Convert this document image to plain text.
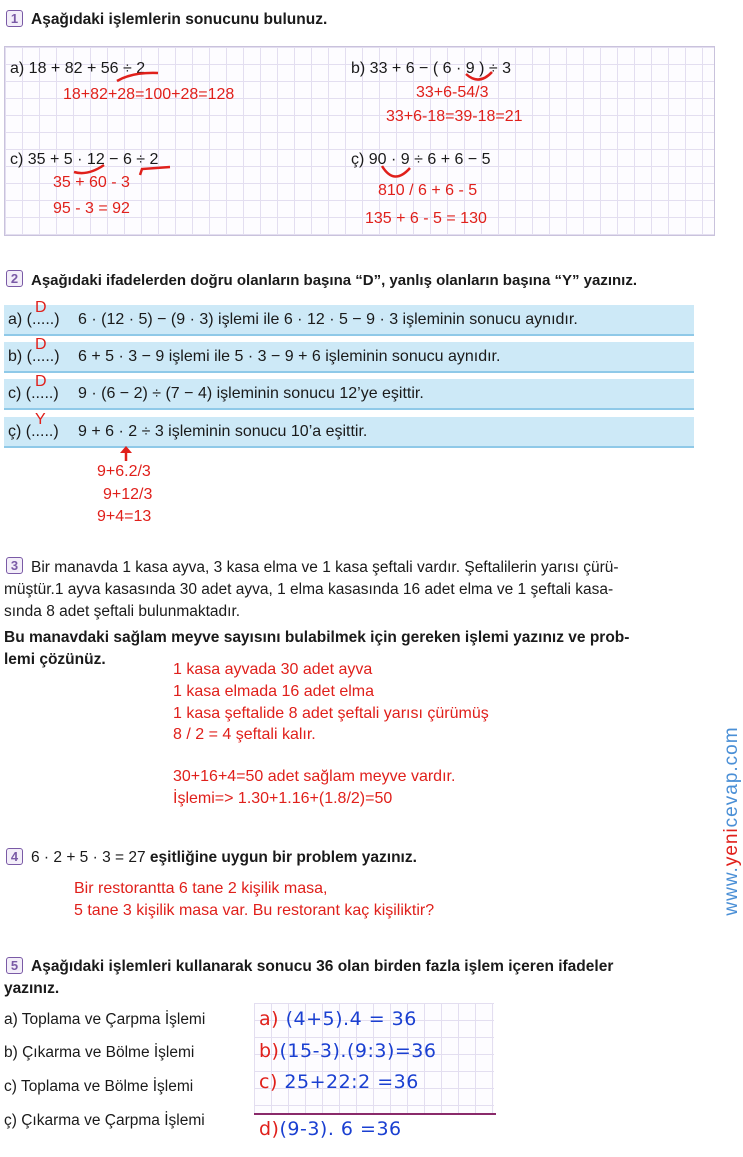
1 Aşağıdaki işlemlerin sonucunu bulunuz.
a) 18 + 82 + 56 ÷ 2
18+82+28=100+28=128
b) 33 + 6 − ( 6 · 9 ) ÷ 3
33+6-54/3
33+6-18=39-18=21
c) 35 + 5 · 12 − 6 ÷ 2
35 + 60 - 3
95 - 3 = 92
ç) 90 · 9 ÷ 6 + 6 − 5
810 / 6 + 6 - 5
135 + 6 - 5 = 130
2 Aşağıdaki ifadelerden doğru olanların başına “D”, yanlış olanların başına “Y” yazınız.
a) (.....)
D
6 · (12 · 5) − (9 · 3) işlemi ile 6 · 12 · 5 − 9 · 3 işleminin sonucu aynıdır.
b) (.....)
D
6 + 5 · 3 − 9 işlemi ile 5 · 3 − 9 + 6 işleminin sonucu aynıdır.
c) (.....)
D
9 · (6 − 2) ÷ (7 − 4) işleminin sonucu 12’ye eşittir.
ç) (.....)
Y
9 + 6 · 2 ÷ 3 işleminin sonucu 10’a eşittir.
9+6.2/3
9+12/3
9+4=13
3 Bir manavda 1 kasa ayva, 3 kasa elma ve 1 kasa şeftali vardır. Şeftalilerin yarısı çürü-
müştür.1 ayva kasasında 30 adet ayva, 1 elma kasasında 16 adet elma ve 1 şeftali kasa-
sında 8 adet şeftali bulunmaktadır.
Bu manavdaki sağlam meyve sayısını bulabilmek için gereken işlemi yazınız ve prob-
lemi çözünüz.
1 kasa ayvada 30 adet ayva
1 kasa elmada 16 adet elma
1 kasa şeftalide 8 adet şeftali yarısı çürümüş
8 / 2 = 4 şeftali kalır.
30+16+4=50 adet sağlam meyve vardır.
İşlemi=> 1.30+1.16+(1.8/2)=50
www.yenicevap.com
4 6 · 2 + 5 · 3 = 27 eşitliğine uygun bir problem yazınız.
Bir restorantta 6 tane 2 kişilik masa,
5 tane 3 kişilik masa var. Bu restorant kaç kişiliktir?
5 Aşağıdaki işlemleri kullanarak sonucu 36 olan birden fazla işlem içeren ifadeler
yazınız.
a) Toplama ve Çarpma İşlemi
b) Çıkarma ve Bölme İşlemi
c) Toplama ve Bölme İşlemi
ç) Çıkarma ve Çarpma İşlemi
a) (4+5).4 = 36
b)(15-3).(9:3)=36
c) 25+22:2 =36
d)(9-3). 6 =36
